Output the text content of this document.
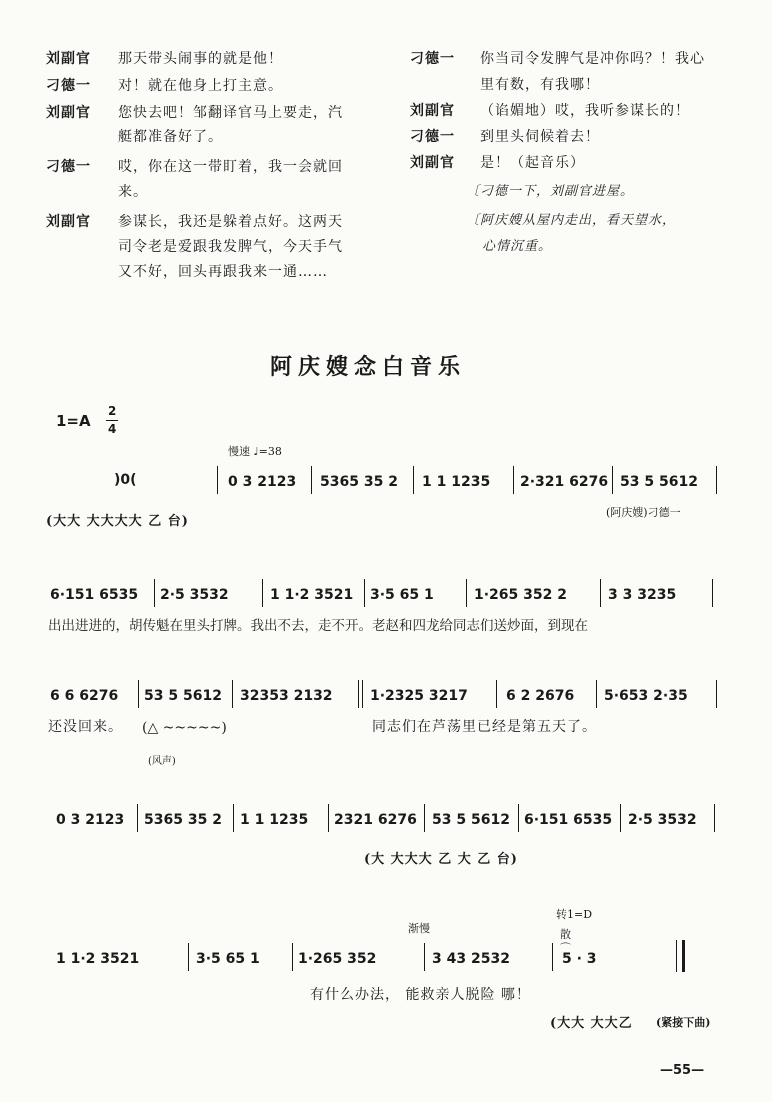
刘副官 那天带头闹事的就是他！
刁德一 对！就在他身上打主意。
刘副官 您快去吧！邹翻译官马上要走，汽
艇都准备好了。
刁德一 哎，你在这一带盯着，我一会就回
来。
刘副官 参谋长，我还是躲着点好。这两天
司令老是爱跟我发脾气，今天手气
又不好，回头再跟我来一通……
刁德一 你当司令发脾气是冲你吗？！我心
里有数，有我哪！
刘副官 （谄媚地）哎，我听参谋长的！
刁德一 到里头伺候着去！
刘副官 是！（起音乐）
〔刁德一下，刘副官进屋。
〔阿庆嫂从屋内走出，看天望水，
心情沉重。
阿庆嫂念白音乐
1=A
2
4
慢速 ♩=38
)0(	0 3 2123 5365 35 2 1 1 1235 2·321 6276 53 5 5612
(大大 大大大大 乙 台)
(阿庆嫂)刁德一
6·151 6535 2·5 3532	1 1·2 3521 3·5 65 1	1·265 352 2	3 3 3235
出出进进的，胡传魁在里头打牌。我出不去，走不开。老赵和四龙给同志们送炒面，到现在
6 6 6276 53 5 5612 32353 2132	1·2325 3217	6 2 2676 5·653 2·35
还没回来。 (△ ~~~~~)
(风声)
同志们在芦荡里已经是第五天了。
0 3 2123 5365 35 2 1 1 1235 2321 6276 53 5 5612 6·151 6535 2·5 3532
(大 大大大 乙 大 乙 台)
渐慢
转1=D
散
1 1·2 3521	3·5 65 1	1·265 352	3 43 2532
⌒
5 · 3
有什么办法， 能救亲人脱险 哪！
(大大 大大乙 (紧接下曲)
—55—
